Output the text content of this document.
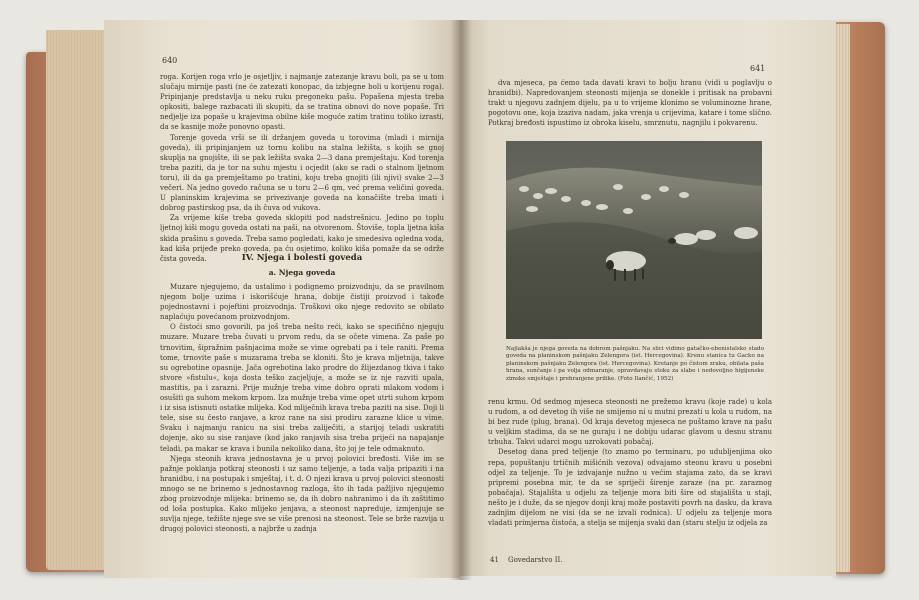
640

roga. Korijen roga vrlo je osjetljiv, i najmanje zatezanje kravu boli, pa se u tom slučaju mirnije pasti (ne će zatezati konopac, da izbjegne boli u korijenu roga). Pripinjanje predstavlja u neku ruku pregoneku pašu. Popašena mjesta treba opkositi, balege razbacati ili skupiti, da se tratina obnovi do nove popaše. Tri nedjelje iza popaše u krajevima obilne kiše moguće zatim tratinu toliko izrasti, da se kasnije može ponovno opasti.

Torenje goveda vrši se ili držanjem goveda u torovima (mladi i mirnija goveda), ili pripinjanjem uz tornu kolibu na stalna ležišta, s kojih se gnoj skuplja na gnojište, ili se pak ležišta svaka 2—3 dana premještaju. Kod torenja treba paziti, da je tor na suhu mjestu i ocjedit (ako se radi o stalnom ljetnom toru), ili da ga premještamo po tratini, koju treba gnojiti (ili njivi) svake 2—3 večeri. Na jedno govedo računa se u toru 2—6 qm, već prema veličini goveda. U planinskim krajevima se privezivanje goveda na konačište treba imati i dobrog pastirskog psa, da ih čuva od vukova.

Za vrijeme kiše treba goveda sklopiti pod nadstrešnicu. Jedino po toplu ljetnoj kiši mogu goveda ostati na paši, na otvorenom. Štoviše, topla ljetna kiša skida prašinu s goveda. Treba samo pogledati, kako je smedesiva ogledna voda, kad kiša prijeđe preko goveda, pa ću osjetimo, koliko kiša pomaže da se održe čista goveda.	IV. Njega i bolesti goveda
a. Njega goveda

Muzare njegujemo, da ustalimo i podignemo proizvodnju, da se pravilnom njegom bolje uzima i iskorišćuje hrana, dobije čistiji proizvod i takođe pojednostavni i pojeftini proizvodnja. Troškovi oko njege redovito se obilato naplaćuju povećanom proizvodnjom.

O čistoći smo govorili, pa još treba nešto reći, kako se specifično njeguju muzare. Muzare treba čuvati u prvom redu, da se očete vimena. Za paše po trnovitim, šipražnim pašnjacima može se vime ogrebati pa i tele raniti. Prema tome, trnovite paše s muzarama treba se kloniti. Što je krava mljetnija, takve su ogrebotine opasnije. Jača ogrebotina lako prodre do žlijezdanog tkiva i tako stvore »fistulu«, koja dosta teško zacjeljuje, a može se iz nje razviti upala, mastitis, pa i zarazni. Prije mužnje treba vime dobro oprati mlakom vodom i osušiti ga suhom mekom krpom. Iza mužnje treba vime opet utrti suhom krpom i iz sisa istisnuti ostatke mlijeka. Kod mliječnih krava treba paziti na sise. Doji li tele, sise su često ranjave, a kroz rane na sisi prodiru zarazne klice u vime. Svaku i najmanju ranicu na sisi treba zaliječiti, a starijoj teladi uskratiti dojenje, ako su sise ranjave (kod jako ranjavih sisa treba prijeći na napajanje teladi, pa makar se krava i bunila nekoliko dana, što joj je tele odmaknuto.

Njega steonih krava jednostavna je u prvoj polovici bređosti. Više im se pažnje poklanja potkraj steonosti i uz samo teljenje, a tada valja pripaziti i na hranidbu, i na postupak i smještaj, i t. d. O njezi krava u prvoj polovici steonosti mnogo se ne brinemo s jednostavnog razloga, što ih tada pažljivo njegujemo zbog proizvodnje mlijeka: brinemo se, da ih dobro nahranimo i da ih zaštitimo od loša postupka. Kako mlijeko jenjava, a steonost napreduje, izmjenjuje se suvlja njege, težište njege sve se više prenosi na steonost. Tele se brže razvija u drugoj polovici steonosti, a najbrže u zadnja

641

dva mjeseca, pa ćemo tada davati kravi to bolju hranu (vidi u poglavlju o hranidbi). Napredovanjem steonosti mijenja se donekle i pritisak na probavni trakt u njegovu zadnjem dijelu, pa u to vrijeme klonimo se voluminozne hrane, pogotovu one, koja izaziva nadam, jaka vrenja u crijevima, katare i tome slično. Potkraj bređosti ispustimo iz obroka kiselu, smrznutu, nagnjilu i pokvarenu.

Najlakša je njega goveda na dobrom pašnjaku. Na slici vidimo gatačko-ebenistalsko stado goveda na planinskom pašnjaku Zelengora (ist. Hercegovina). Krenu stanica tu Gacko na planinskom pašnjaku Zelengora (ist. Hercegovina). Kretanje po čistom zraku, obilata paša hrana, sunčanje i pa volja odmaranje, opravdavaju stoku za slabe i nedovoljno higijenske zimske smještaje i prehranjene prilike. (Foto Ilančić, 1952)

renu krmu. Od sedmog mjeseca steonosti ne prežemo kravu (koje rade) u kola u rudom, a od devetog ih više ne smijemo ni u mutni prezati u kola u rudom, na bi bez rude (plug, brana). Od kraja devetog mjeseca ne puštamo krave na pašu u veljkim stadima, da se ne guraju i ne dobiju udarac glavom u desnu stranu trbuha. Takvi udarci mogu uzrokovati pobačaj.

Desetog dana pred teljenje (to znamo po terminaru, po udubljenjima oko repa, popuštanju trtičnih mišićnih vezova) odvajamo steonu kravu u posebni odjel za teljenje. To je izdvajanje nužno u većim stajama zato, da se kravi pripremi posebna mir, te da se spriječi širenje zaraze (na pr. zaraznog pobačaja). Stajališta u odjelu za teljenje mora biti šire od stajališta u staji, nešto je i duže, da se njegov donji kraj može postaviti povrh na dasku, da krava zadnjim dijelom ne visi (da se ne izvali rodnica). U odjelu za teljenje mora vladati primjerna čistoća, a stelja se mijenja svaki dan (staru stelju iz odjela za

41 Govedarstvo II.
